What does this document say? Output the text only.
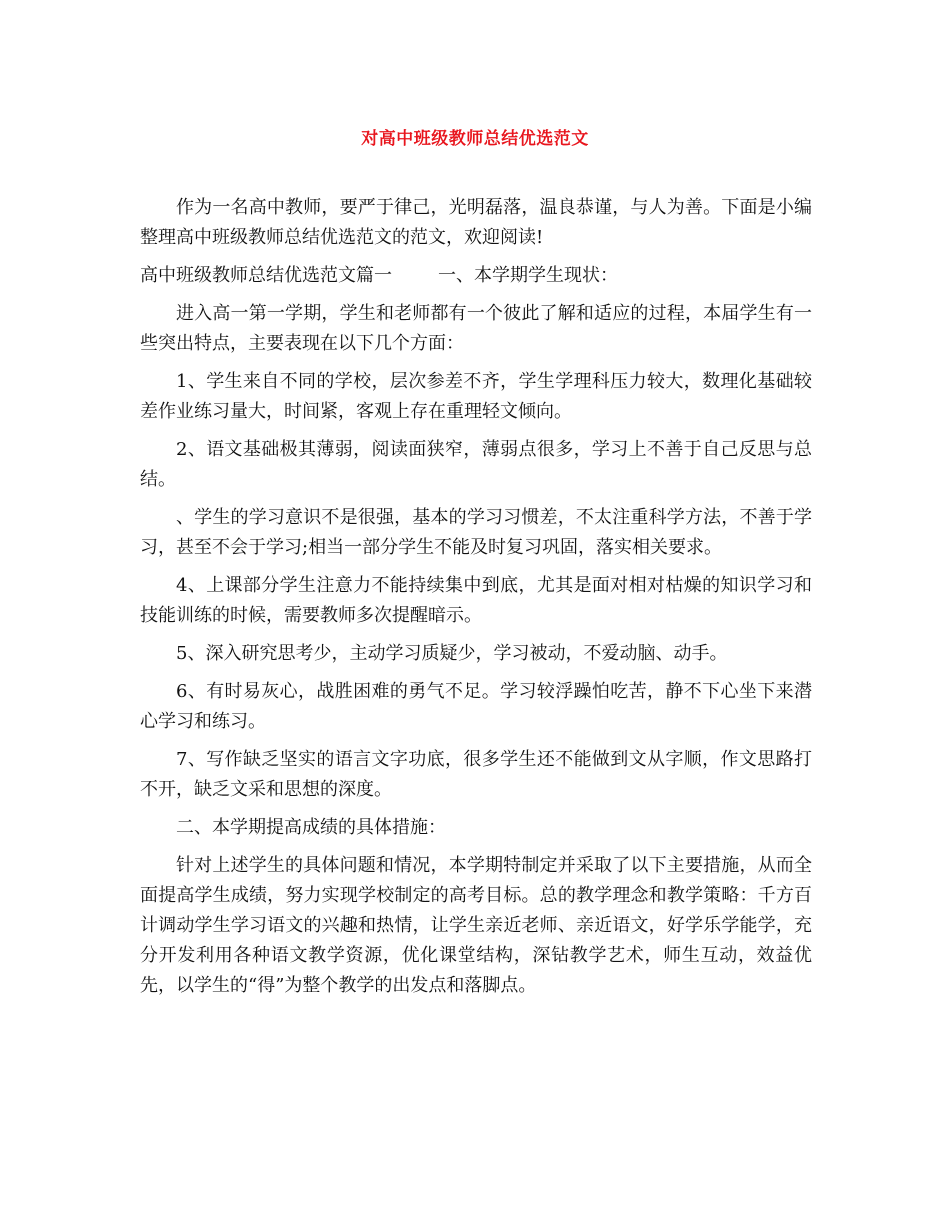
对高中班级教师总结优选范文

作为一名高中教师，要严于律己，光明磊落，温良恭谨，与人为善。下面是小编整理高中班级教师总结优选范文的范文，欢迎阅读!

高中班级教师总结优选范文篇一	一、本学期学生现状：

进入高一第一学期，学生和老师都有一个彼此了解和适应的过程，本届学生有一些突出特点，主要表现在以下几个方面：

1、学生来自不同的学校，层次参差不齐，学生学理科压力较大，数理化基础较差作业练习量大，时间紧，客观上存在重理轻文倾向。

2、语文基础极其薄弱，阅读面狭窄，薄弱点很多，学习上不善于自己反思与总结。

、学生的学习意识不是很强，基本的学习习惯差，不太注重科学方法，不善于学习，甚至不会于学习;相当一部分学生不能及时复习巩固，落实相关要求。

4、上课部分学生注意力不能持续集中到底，尤其是面对相对枯燥的知识学习和技能训练的时候，需要教师多次提醒暗示。

5、深入研究思考少，主动学习质疑少，学习被动，不爱动脑、动手。

6、有时易灰心，战胜困难的勇气不足。学习较浮躁怕吃苦，静不下心坐下来潜心学习和练习。

7、写作缺乏坚实的语言文字功底，很多学生还不能做到文从字顺，作文思路打不开，缺乏文采和思想的深度。

二、本学期提高成绩的具体措施：

针对上述学生的具体问题和情况，本学期特制定并采取了以下主要措施，从而全面提高学生成绩，努力实现学校制定的高考目标。总的教学理念和教学策略：千方百计调动学生学习语文的兴趣和热情，让学生亲近老师、亲近语文，好学乐学能学，充分开发利用各种语文教学资源，优化课堂结构，深钻教学艺术，师生互动，效益优先，以学生的“得”为整个教学的出发点和落脚点。
